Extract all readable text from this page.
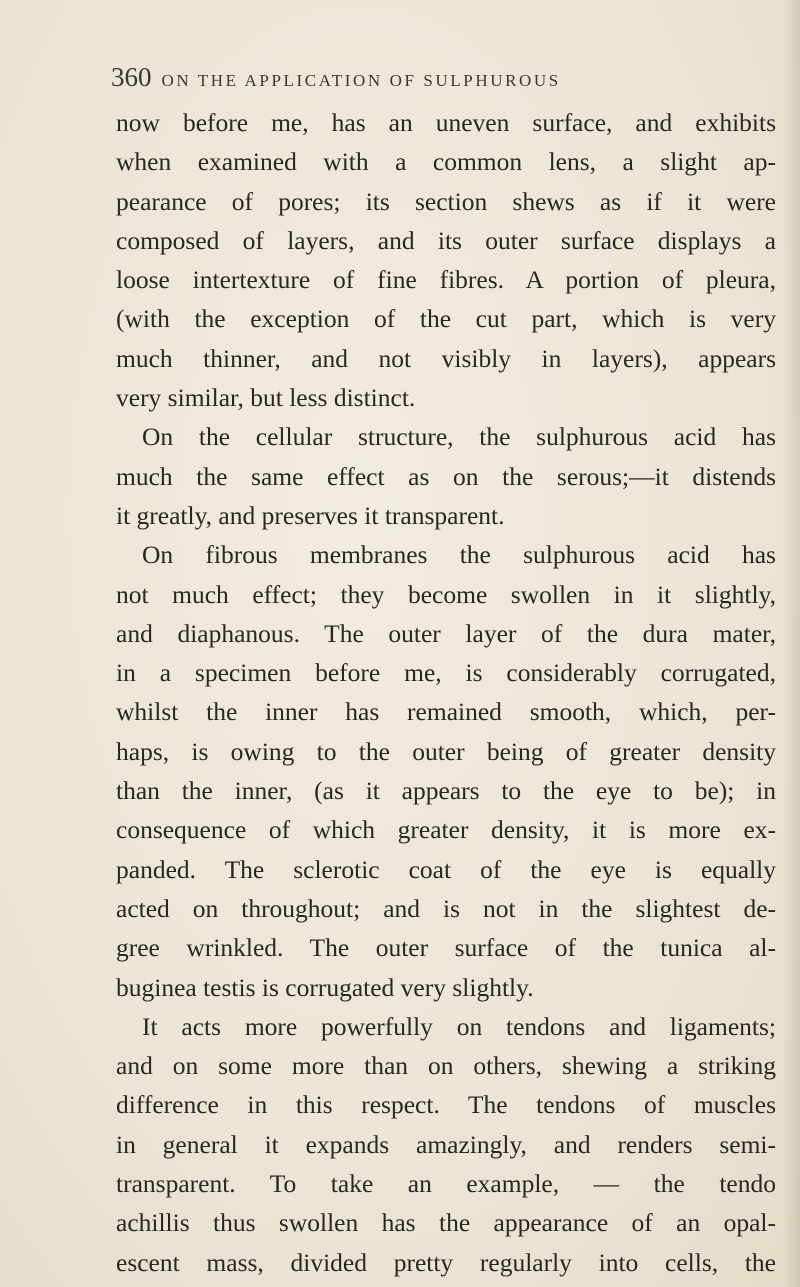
360 ON THE APPLICATION OF SULPHUROUS
now before me, has an uneven surface, and exhibits
when examined with a common lens, a slight ap-
pearance of pores; its section shews as if it were
composed of layers, and its outer surface displays a
loose intertexture of fine fibres. A portion of pleura,
(with the exception of the cut part, which is very
much thinner, and not visibly in layers), appears
very similar, but less distinct.
On the cellular structure, the sulphurous acid has
much the same effect as on the serous;—it distends
it greatly, and preserves it transparent.
On fibrous membranes the sulphurous acid has
not much effect; they become swollen in it slightly,
and diaphanous. The outer layer of the dura mater,
in a specimen before me, is considerably corrugated,
whilst the inner has remained smooth, which, per-
haps, is owing to the outer being of greater density
than the inner, (as it appears to the eye to be); in
consequence of which greater density, it is more ex-
panded. The sclerotic coat of the eye is equally
acted on throughout; and is not in the slightest de-
gree wrinkled. The outer surface of the tunica al-
buginea testis is corrugated very slightly.
It acts more powerfully on tendons and ligaments;
and on some more than on others, shewing a striking
difference in this respect. The tendons of muscles
in general it expands amazingly, and renders semi-
transparent. To take an example, — the tendo
achillis thus swollen has the appearance of an opal-
escent mass, divided pretty regularly into cells, the
